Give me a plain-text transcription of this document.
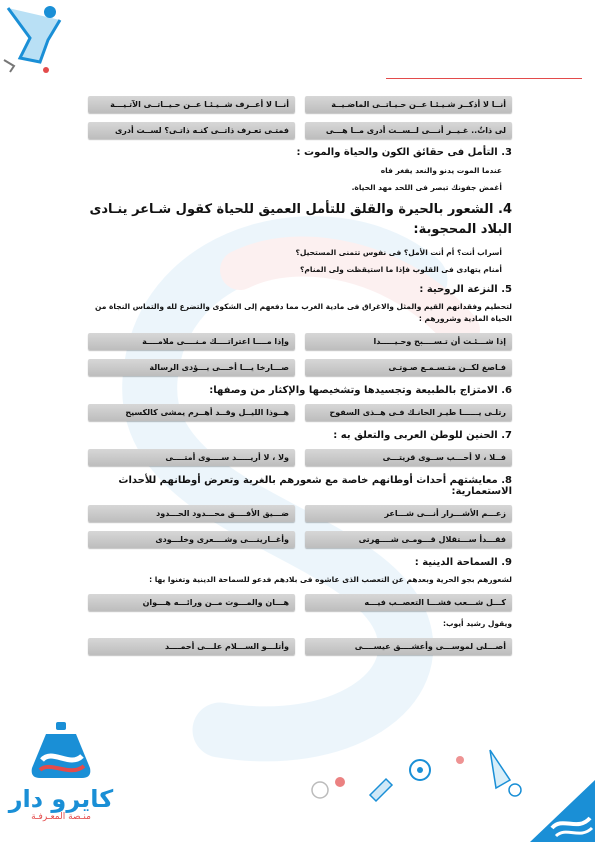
أنــا لا أذكــر شـيـئـا عــن حـيـاتــى الماضـيــة
أنــا لا أعــرف شــيـئـا عــن حـيــاتــى الآتـيـــة
لى ذاتٌ.. غـيــر أنـــى لــســت أدرى مــا هـــى
فمتـى تعـرف ذاتــى كنـه ذاتـى؟ لســت أدرى
3. التأمل فى حقائق الكون والحياة والموت :
عندما الموت يدنو والنعد يفغر فاه
أغمض جفونك تبصر فى اللحد مهد الحياة.
4. الشعور بالحيرة والقلق للتأمل العميق للحياة كقول شـاعر ينـادى البلاد المحجوبة:
أسراب أنت؟ أم أنت الأمل؟ فى نفوس تتمنى المستحيل؟
أمنام يتهادى فى القلوب فإذا ما استيقظت ولى المنام؟
5. النزعة الروحية :
لتحطيم وفقدانهم القيم والمثل والاغراق فى مادية الغرب مما دفعهم إلى الشكوى والتضرع لله والتماس النجاة من الحياة المادية وشرورهم :
إذا شـــئـت أن تـســــبح وحـيـــــدا
وإذا مــــا اعتراتــــك مـنــــى ملامــــة
فـاصغ لكــن متـسـمـع صـوتـى
صـــارخا يـــا أخـــى يـــؤدى الرسالة
6. الامتزاج بالطبيعة وتجسيدها وتشخيصها والإكثار من وصفها:
رتلـى يــــــا طيـر الحانـك فـى هــذى السفوح
هــوذا الليــل وقــد أهــرم يمشى كالكسيح
7. الحنين للوطن العربى والتعلق به :
فــلا ، لا أحـــب ســوى قريتـــى
ولا ، لا أريـــــد ســــوى أمتــــى
8. معايشتهم أحداث أوطانهم خاصة مع شعورهم بالغربة وتعرض أوطانهم للأحداث الاستعمارية:
زعـــم الأشـــرار أنـــى شـــاعر
ضـــيق الأفــــق محـــدود الحـــدود
فقـــدأ ســـتقلال قـــومـى شــــهرتى
وأغــارينـــى وشــــعرى وخلـــودى
9. السماحة الدينية :
لشعورهم بجو الحرية وبعدهم عن التعصب الذى عاشوه فى بلادهم فدعو للسماحة الدينية وتغنوا بها :
كـــل شـــعب فشـــا التعصــب فيـــه
هـــان والمـــوت مــن ورائـــه هـــوان
ويقول رشيد أيوب:
أصـــلى لموســـى وأعشــــق عيســــى
وأتلـــو الســـلام علـــى أحمــــد
كايرو دار
منـصة المعـرفـة
